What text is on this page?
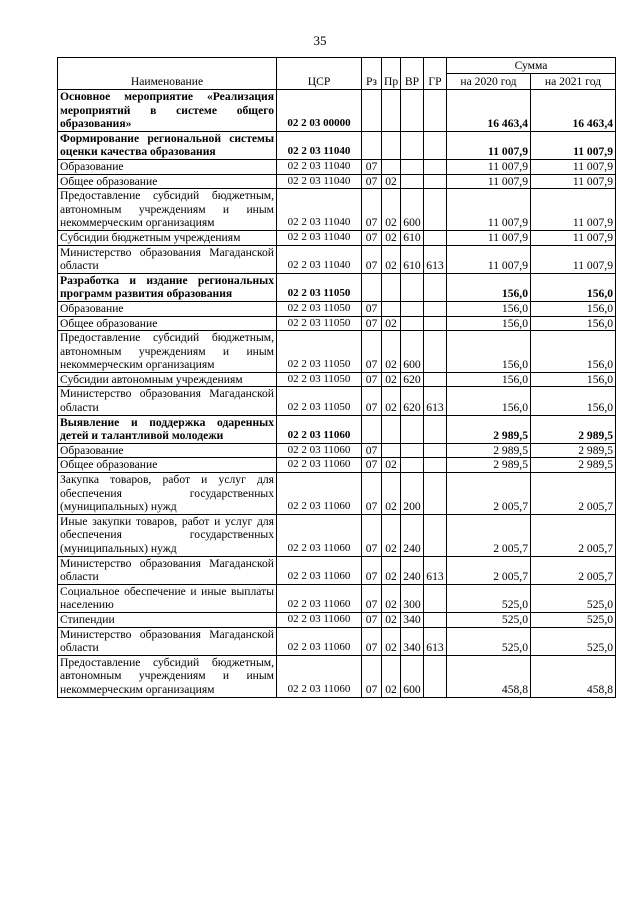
35
Наименование	ЦСР	Рз	Пр	ВР	ГР	Сумма	
						на 2020 год	на 2021 год
Основное мероприятие «Реализация мероприятий в системе общего образования»	02 2 03 00000					16 463,4	16 463,4
Формирование региональной системы оценки качества образования	02 2 03 11040					11 007,9	11 007,9
Образование	02 2 03 11040	07				11 007,9	11 007,9
Общее образование	02 2 03 11040	07	02			11 007,9	11 007,9
Предоставление субсидий бюджетным, автономным учреждениям и иным некоммерческим организациям	02 2 03 11040	07	02	600		11 007,9	11 007,9
Субсидии бюджетным учреждениям	02 2 03 11040	07	02	610		11 007,9	11 007,9
Министерство образования Магаданской области	02 2 03 11040	07	02	610	613	11 007,9	11 007,9
Разработка и издание региональных программ развития образования	02 2 03 11050					156,0	156,0
Образование	02 2 03 11050	07				156,0	156,0
Общее образование	02 2 03 11050	07	02			156,0	156,0
Предоставление субсидий бюджетным, автономным учреждениям и иным некоммерческим организациям	02 2 03 11050	07	02	600		156,0	156,0
Субсидии автономным учреждениям	02 2 03 11050	07	02	620		156,0	156,0
Министерство образования Магаданской области	02 2 03 11050	07	02	620	613	156,0	156,0
Выявление и поддержка одаренных детей и талантливой молодежи	02 2 03 11060					2 989,5	2 989,5
Образование	02 2 03 11060	07				2 989,5	2 989,5
Общее образование	02 2 03 11060	07	02			2 989,5	2 989,5
Закупка товаров, работ и услуг для обеспечения государственных (муниципальных) нужд	02 2 03 11060	07	02	200		2 005,7	2 005,7
Иные закупки товаров, работ и услуг для обеспечения государственных (муниципальных) нужд	02 2 03 11060	07	02	240		2 005,7	2 005,7
Министерство образования Магаданской области	02 2 03 11060	07	02	240	613	2 005,7	2 005,7
Социальное обеспечение и иные выплаты населению	02 2 03 11060	07	02	300		525,0	525,0
Стипендии	02 2 03 11060	07	02	340		525,0	525,0
Министерство образования Магаданской области	02 2 03 11060	07	02	340	613	525,0	525,0
Предоставление субсидий бюджетным, автономным учреждениям и иным некоммерческим организациям	02 2 03 11060	07	02	600		458,8	458,8
